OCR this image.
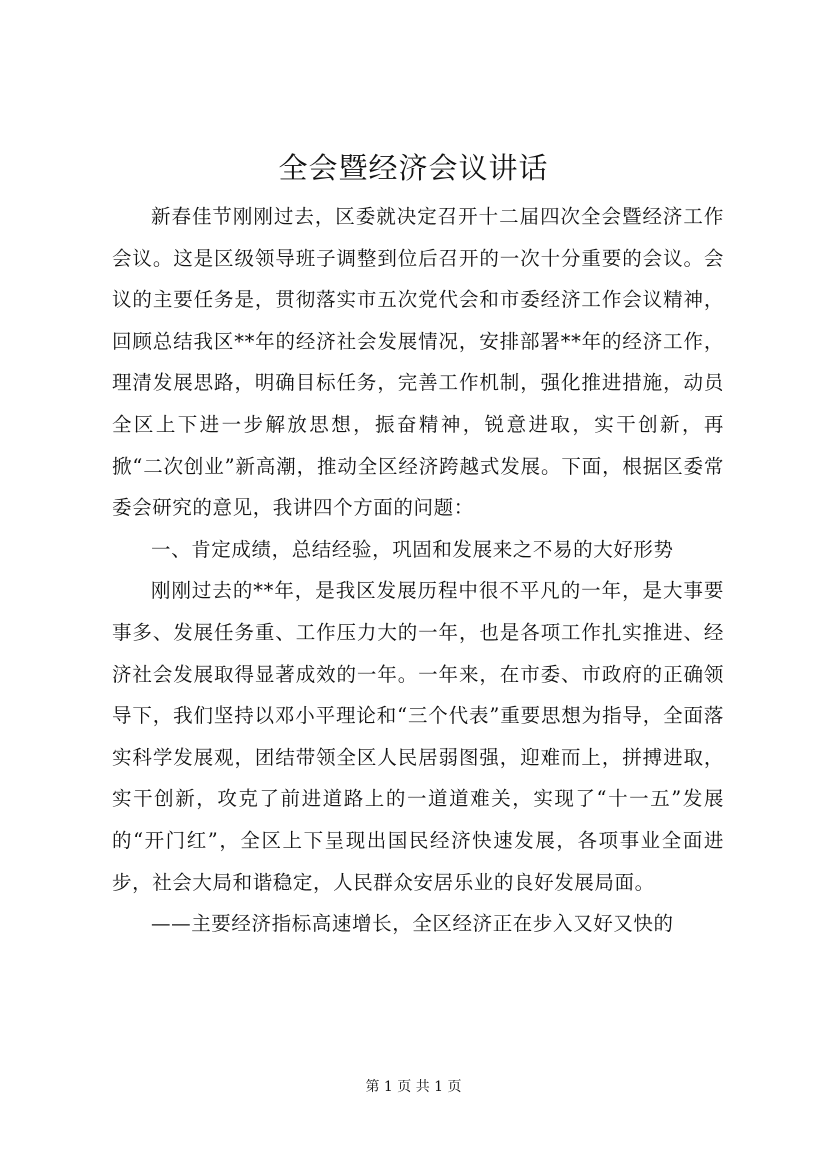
全会暨经济会议讲话

新春佳节刚刚过去，区委就决定召开十二届四次全会暨经济工作会议。这是区级领导班子调整到位后召开的一次十分重要的会议。会议的主要任务是，贯彻落实市五次党代会和市委经济工作会议精神，回顾总结我区**年的经济社会发展情况，安排部署**年的经济工作，理清发展思路，明确目标任务，完善工作机制，强化推进措施，动员全区上下进一步解放思想，振奋精神，锐意进取，实干创新，再掀“二次创业”新高潮，推动全区经济跨越式发展。下面，根据区委常委会研究的意见，我讲四个方面的问题：

一、肯定成绩，总结经验，巩固和发展来之不易的大好形势

刚刚过去的**年，是我区发展历程中很不平凡的一年，是大事要事多、发展任务重、工作压力大的一年，也是各项工作扎实推进、经济社会发展取得显著成效的一年。一年来，在市委、市政府的正确领导下，我们坚持以邓小平理论和“三个代表”重要思想为指导，全面落实科学发展观，团结带领全区人民居弱图强，迎难而上，拼搏进取，实干创新，攻克了前进道路上的一道道难关，实现了“十一五”发展的“开门红”，全区上下呈现出国民经济快速发展，各项事业全面进步，社会大局和谐稳定，人民群众安居乐业的良好发展局面。

——主要经济指标高速增长，全区经济正在步入又好又快的

第 1 页 共 1 页
